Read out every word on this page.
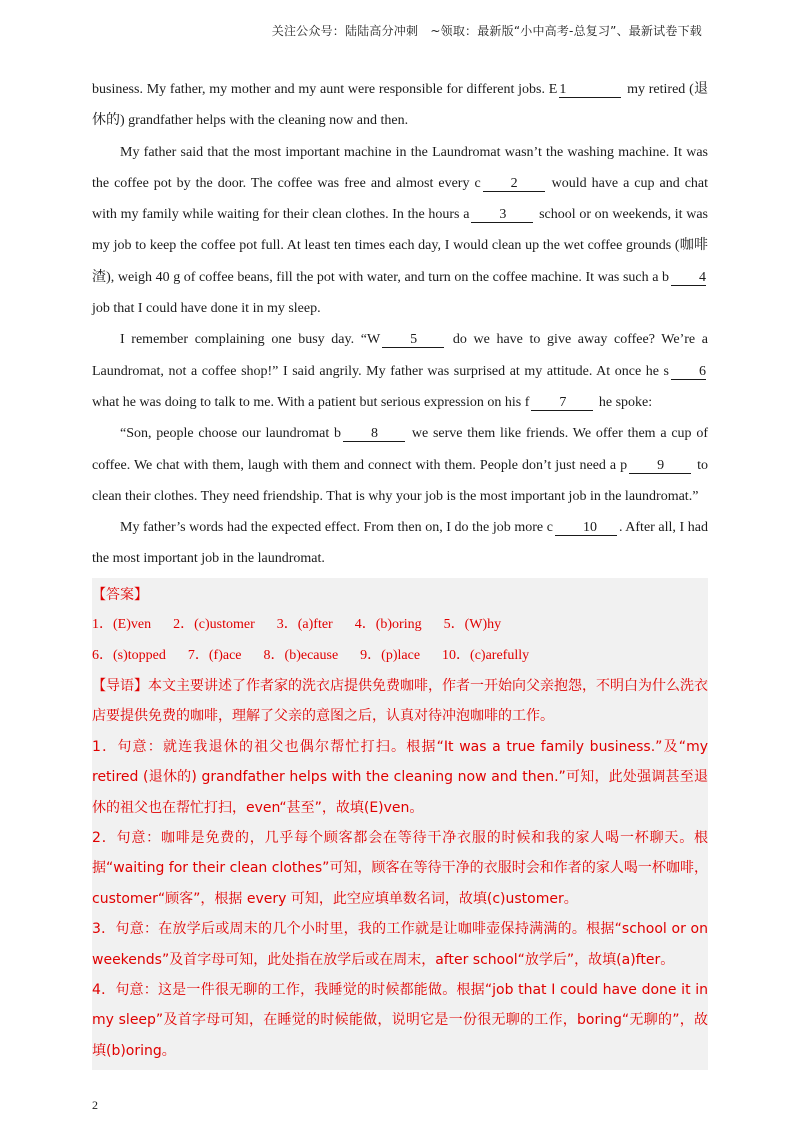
关注公众号：陆陆高分冲刺　~领取：最新版“小中高考-总复习”、最新试卷下载

business. My father, my mother and my aunt were responsible for different jobs. E 1	my retired (退休的) grandfather helps with the cleaning now and then.

My father said that the most important machine in the Laundromat wasn’t the washing machine. It was the coffee pot by the door. The coffee was free and almost every c 2 would have a cup and chat with my family while waiting for their clean clothes. In the hours a 3 school or on weekends, it was my job to keep the coffee pot full. At least ten times each day, I would clean up the wet coffee grounds (咖啡渣), weigh 40 g of coffee beans, fill the pot with water, and turn on the coffee machine. It was such a b 4 job that I could have done it in my sleep.

I remember complaining one busy day. “W 5	do we have to give away coffee? We’re a Laundromat, not a coffee shop!” I said angrily. My father was surprised at my attitude. At once he s 6 what he was doing to talk to me. With a patient but serious expression on his f 7 he spoke:

“Son, people choose our laundromat b 8 we serve them like friends. We offer them a cup of coffee. We chat with them, laugh with them and connect with them. People don’t just need a p 9 to clean their clothes. They need friendship. That is why your job is the most important job in the laundromat.”

My father’s words had the expected effect. From then on, I do the job more c 10 . After all, I had the most important job in the laundromat.

【答案】

1．(E)ven 2．(c)ustomer 3．(a)fter 4．(b)oring 5．(W)hy
6．(s)topped 7．(f)ace 8．(b)ecause 9．(p)lace 10．(c)arefully

【导语】本文主要讲述了作者家的洗衣店提供免费咖啡，作者一开始向父亲抱怨，不明白为什么洗衣店要提供免费的咖啡，理解了父亲的意图之后，认真对待冲泡咖啡的工作。

1．句意：就连我退休的祖父也偶尔帮忙打扫。根据“It was a true family business.”及“my retired (退休的) grandfather helps with the cleaning now and then.”可知，此处强调甚至退休的祖父也在帮忙打扫，even“甚至”，故填(E)ven。

2．句意：咖啡是免费的，几乎每个顾客都会在等待干净衣服的时候和我的家人喝一杯聊天。根据“waiting for their clean clothes”可知，顾客在等待干净的衣服时会和作者的家人喝一杯咖啡，customer“顾客”，根据 every 可知，此空应填单数名词，故填(c)ustomer。

3．句意：在放学后或周末的几个小时里，我的工作就是让咖啡壶保持满满的。根据“school or on weekends”及首字母可知，此处指在放学后或在周末，after school“放学后”，故填(a)fter。

4．句意：这是一件很无聊的工作，我睡觉的时候都能做。根据“job that I could have done it in my sleep”及首字母可知，在睡觉的时候能做，说明它是一份很无聊的工作，boring“无聊的”，故填(b)oring。

2
